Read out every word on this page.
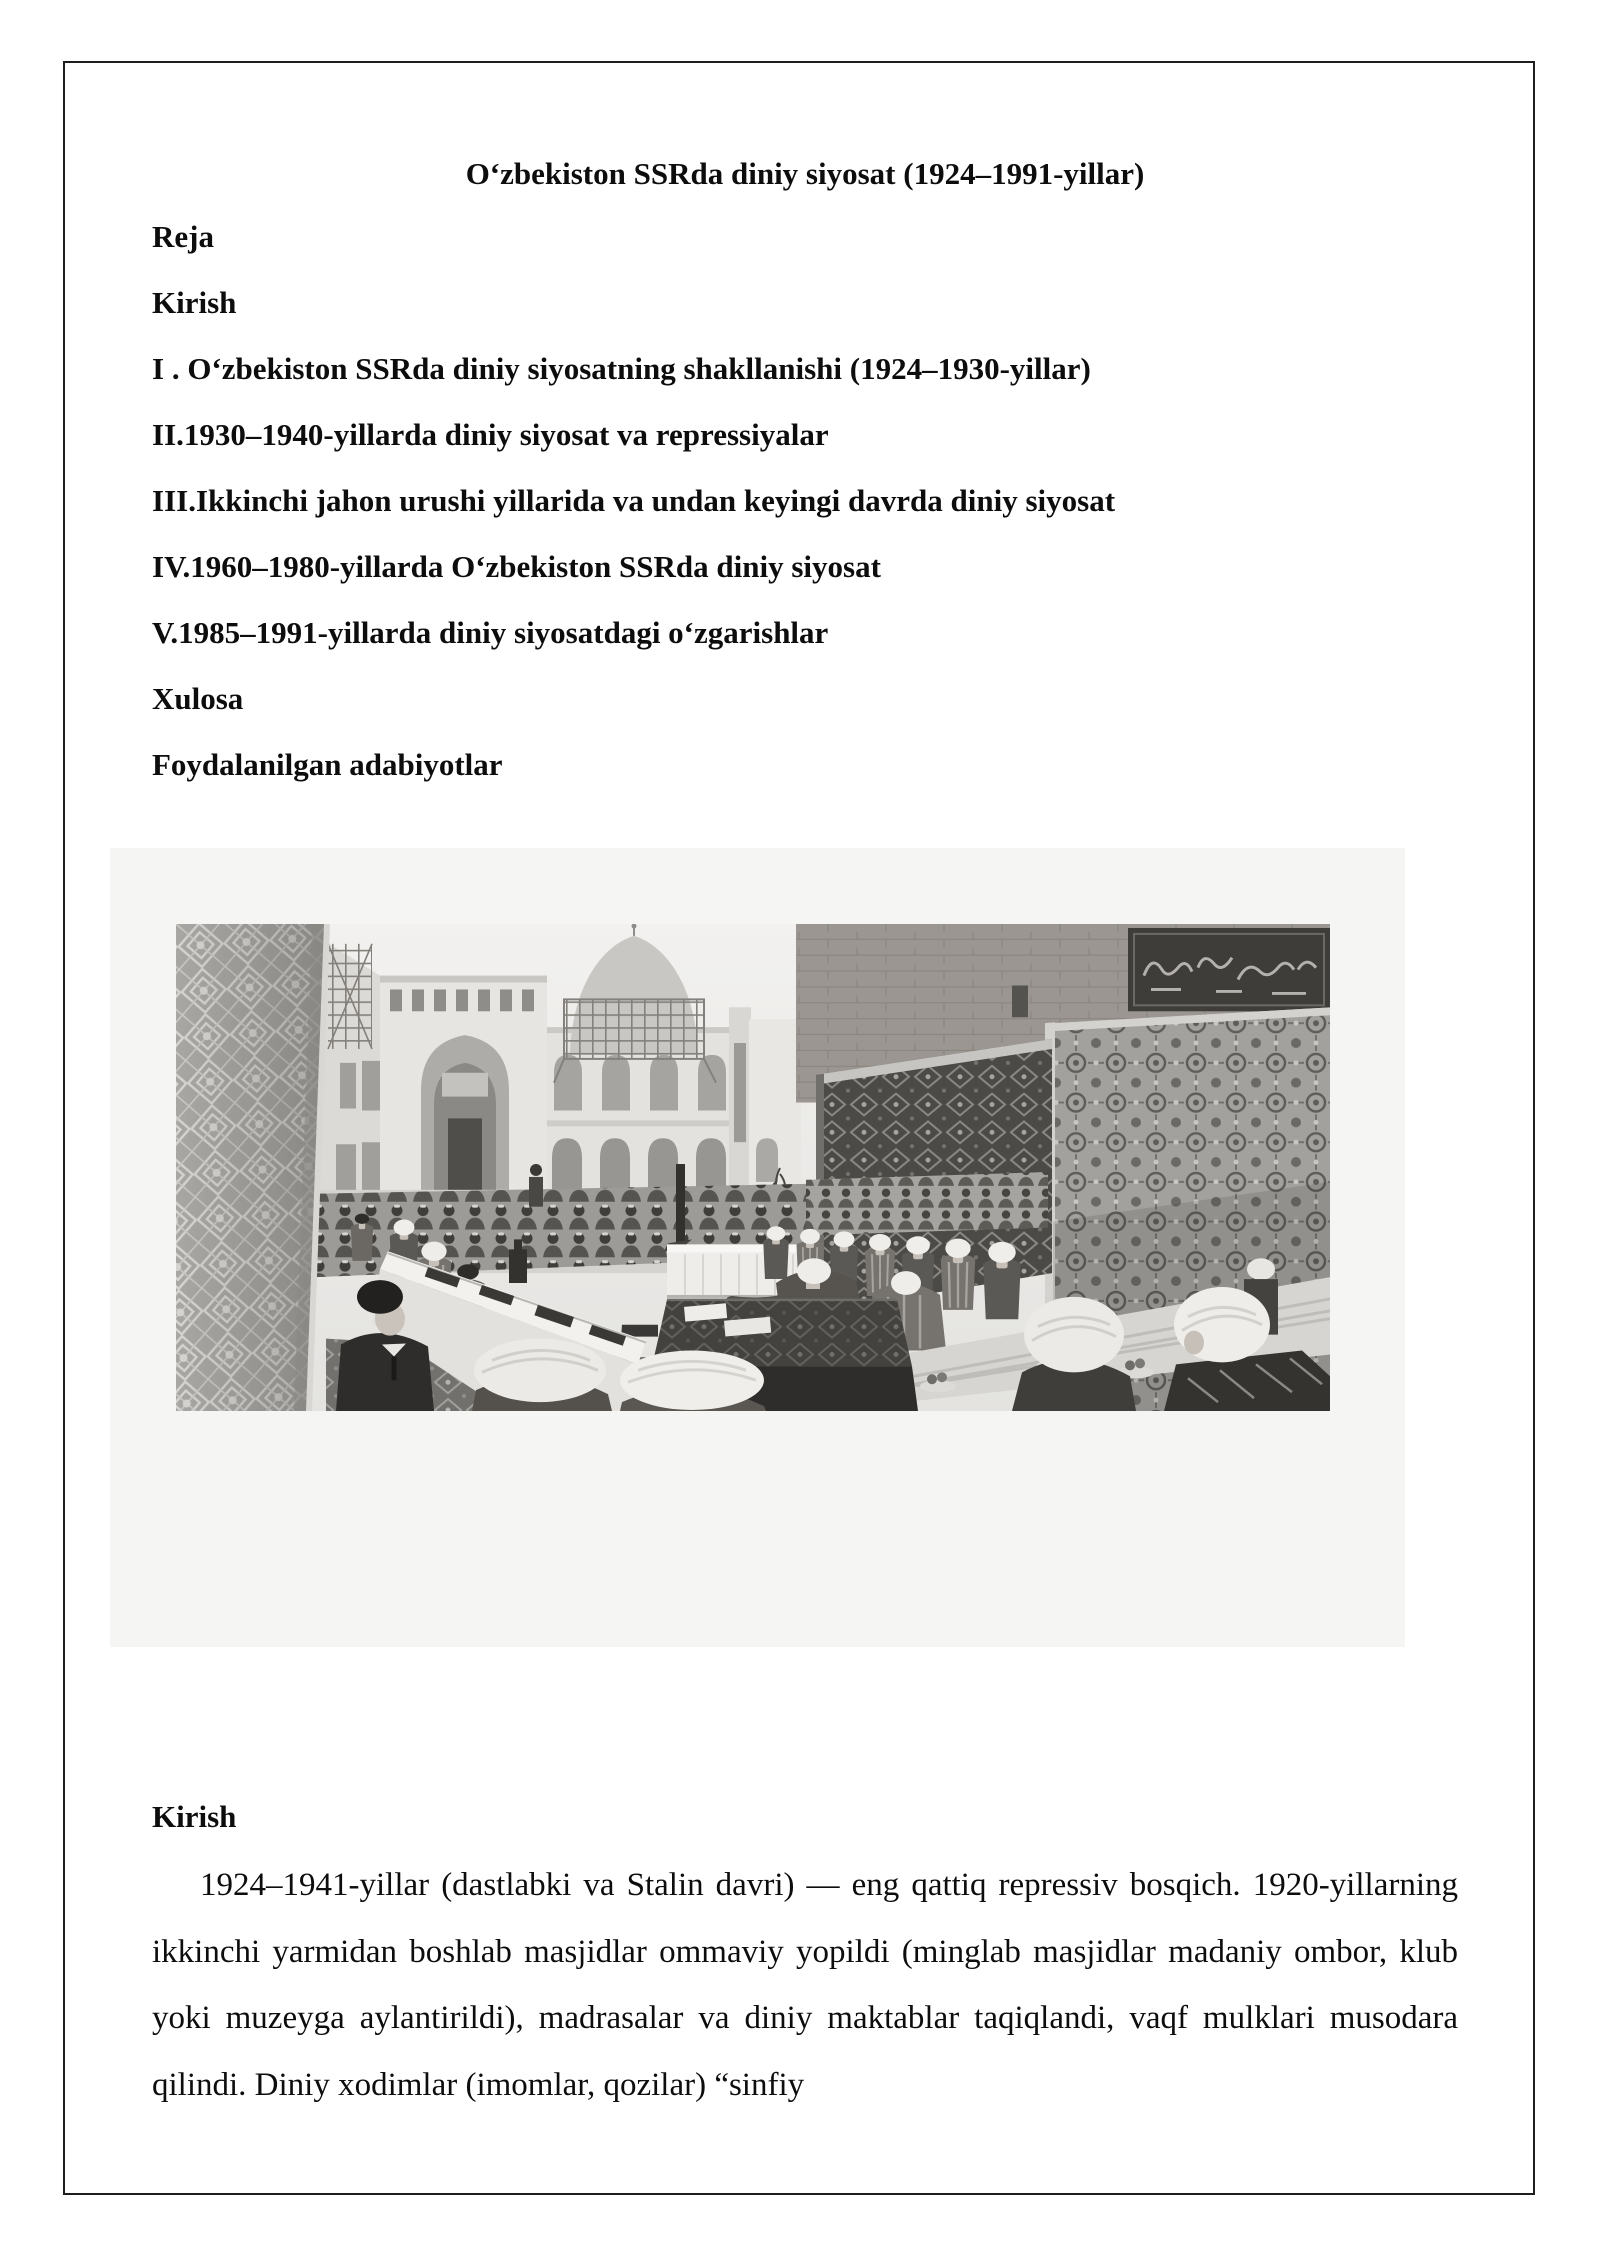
O‘zbekiston SSRda diniy siyosat (1924–1991-yillar)

Reja

Kirish

I . O‘zbekiston SSRda diniy siyosatning shakllanishi (1924–1930-yillar)

II.1930–1940-yillarda diniy siyosat va repressiyalar

III.Ikkinchi jahon urushi yillarida va undan keyingi davrda diniy siyosat

IV.1960–1980-yillarda O‘zbekiston SSRda diniy siyosat

V.1985–1991-yillarda diniy siyosatdagi o‘zgarishlar

Xulosa

Foydalanilgan adabiyotlar

Kirish

1924–1941-yillar (dastlabki va Stalin davri) — eng qattiq repressiv bosqich. 1920-yillarning ikkinchi yarmidan boshlab masjidlar ommaviy yopildi (minglab masjidlar madaniy ombor, klub yoki muzeyga aylantirildi), madrasalar va diniy maktablar taqiqlandi, vaqf mulklari musodara qilindi. Diniy xodimlar (imomlar, qozilar) “sinfiy
